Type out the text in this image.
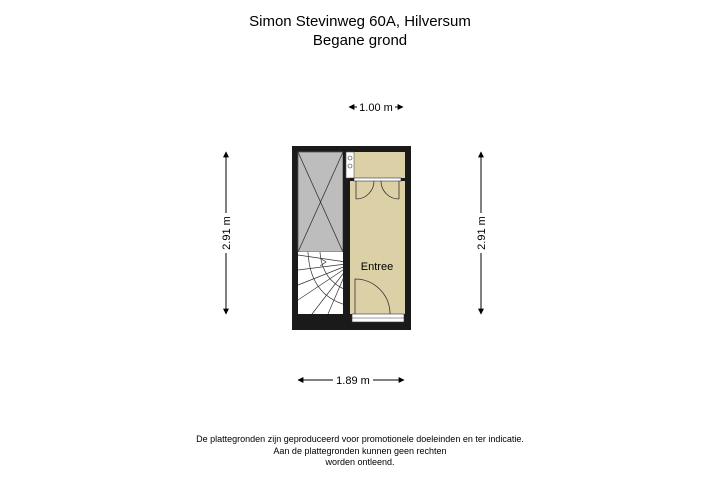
Simon Stevinweg 60A, Hilversum
Begane grond
1.00 m
1.89 m
2.91 m	2.91 m
Entree
De plattegronden zijn geproduceerd voor promotionele doeleinden en ter indicatie.
Aan de plattegronden kunnen geen rechten
worden ontleend.
